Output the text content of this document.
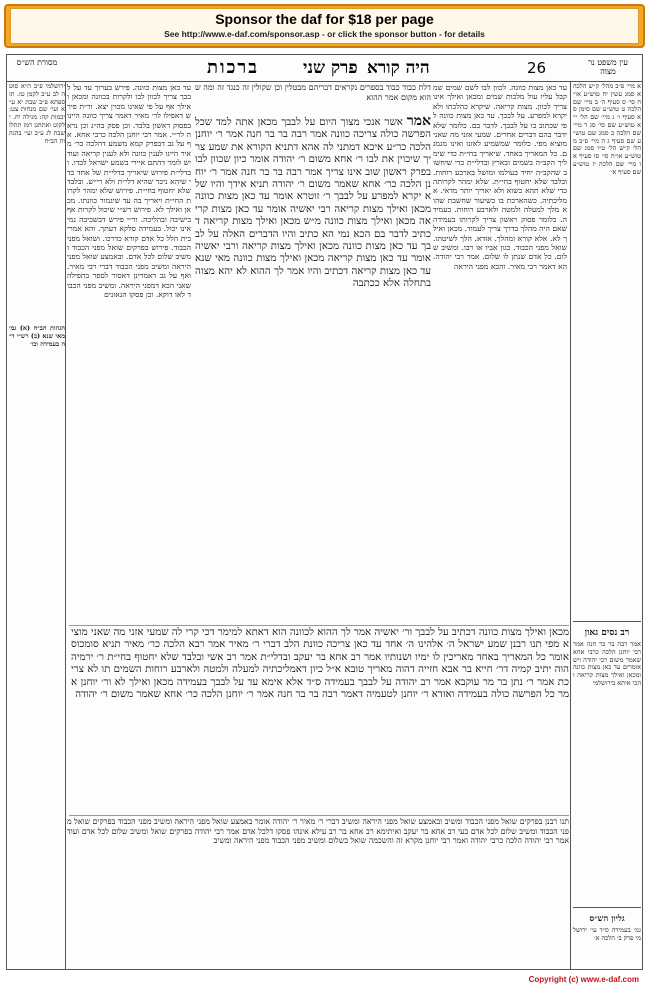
Sponsor the daf for $18 per page
See http://www.e-daf.com/sponsor.asp - or click the sponsor button - for details
מסורת הש״ס	ברכות	פרק שני היה קורא	26	עין משפט נר מצוה
א מיי׳ פ״ב מהל׳ ק״ש הלכה א סמג עשין יח טוש״ע או״ח סי׳ ס סעיף ה׳ ב מיי׳ שם הלכה ט טוש״ע שם סימן סא סעיף ו׳ ג מיי׳ שם הל׳ י״א טוש״ע שם סי׳ סג ד מיי׳ שם הלכה ב סמג שם טוש״ע שם סעיף ג ה מיי׳ פ״ב מהל׳ ק״ש הל׳ ט״ו סמג שם טוש״ע או״ח סי׳ סו סעיף א ו מיי׳ שם הלכה יז טוש״ע שם סעיף א׳
רב נסים גאון
אמר רבה בר בר חנה אמר רבי יוחנן הלכה כרבי אחא שאמר משום רבי יהודה ויש אומרים עד כאן מצות כוונה ומכאן ואילך מצות קריאה והכי איתא בירושלמי
גליון הש״ס
גמ׳ בעמידה ס״ד עי׳ ירושלמי פרק ב׳ הלכה א׳
ירושלמי פ״ב ה״א סוטה לב ע״ב לקמן טז. תוספתא פ״ב שבת יא ע״א ועי׳ שם מנחות צט: יבמות קה: מגילה יח. ילקוט ואתחנן רמז תתלו שבת לג ע״ב ועי׳ בהגהות הב״ח
הגהות הב״ח (א) גמ׳ מאי שנא (ב) רש״י ד״ה בעמידה וכו׳
עד כאן מצות כוונה. לכוון לבו לשם שמים שמקבל עליו עול מלכות שמים ומכאן ואילך אינו צריך לכוון. מצות קריאה. שיקרא כהלכתו ולא יקרא למפרע. על לבבך. עד כאן מצות כוונה לפי שכתוב בו על לבבך. לדבר בם. כלומר שלא ידבר בהם דברים אחרים. שמעי אזני מה שאני מוציא מפי. כלומר שמשמיע לאזנו ואינו מגמגם. כל המאריך באחד. שיאריך בחי״ת כדי שימליך הקב״ה בשמים ובארץ ובדלי״ת כדי שיחשוב שהקב״ה יחיד בעולמו ומושל בארבע רוחות. ובלבד שלא יחטוף בחי״ת. שלא ימהר לקרותה כדי שלא תהא כשוא ולא יאריך יותר מדאי. אמליכתיה. כשהארכת בו כשיעור שחשבת שהוא מלך למעלה ולמטה ולארבע רוחות. בעמידה. כלומר פסוק ראשון צריך לקרותו בעמידה שאם היה מהלך בדרך צריך לעמוד. מכאן ואילך לא. אלא קורא ומהלך. אזדא. הלך לשיטתו. שואל מפני הכבוד. כגון אביו או רבו. ומשיב שלום. כל אדם שנתן לו שלום. אמר רבי יהודה. הא דאמר רבי מאיר. והכא מפני היראה
עד כאן מצות כוונה. פירש בערוך עד על לבבך צריך לכוון לבו ולקרות בכוונה ומכאן ואילך אף על פי שאינו מכוין יצא. ור״ת פירש דאפילו לר׳ מאיר דאמר צריך כוונה היינו בפסוק ראשון בלבד. וכן פסק בה״ג וכן נראה לר״י. אמר רבי יוחנן הלכה כרבי אחא. אף על גב דבפרק קמא משמע דהלכה כר׳ מאיר היינו לענין כוונה ולא לענין קריאה ועוד יש לומר דהתם איירי בשמע ישראל לבדו. ובדלי״ת פירוש שיאריך בדלי״ת של אחד כדי שיהא ניכר שהיא דלי״ת ולא רי״ש. ובלבד שלא יחטוף בחי״ת. פירוש שלא ימהר לקרות החי״ת ויאריך בה עד שיגמור כוונתו. מכאן ואילך לא. פירוש רש״י שיכול לקרות אף בישיבה ובהליכה. ור״י פירש דבשכיבה נמי אינו יכול. בעמידה סלקא דעתך. והא אמרי בית הלל כל אדם קורא כדרכו. ושואל מפני הכבוד. פירוש בפרקים שואל מפני הכבוד ומשיב שלום לכל אדם. ובאמצע שואל מפני היראה ומשיב מפני הכבוד דברי רבי מאיר. ואף על גב דאמרינן דאסור לספר בתפילה שאני הכא דמפני היראה. ומשיב מפני הכבוד לאו דוקא. וכן פסקו הגאונים
דלת כבוד כבוד בספרים נקראים דבריהם מבטלין וכן שקולין זה כנגד זה ומה שהוא מקום אמר ההוא
אמר אשר אנכי מצוך היום על לבבך מכאן אתה למד שכל הפרשה כולה צריכה כוונה אמר רבה בר בר חנה אמר ר׳ יוחנן הלכה כר״ע איכא דמתני לה אהא דתניא הקורא את שמע צריך שיכוין את לבו ר׳ אחא משום ר׳ יהודה אומר כיון שכוון לבו בפרק ראשון שוב אינו צריך אמר רבה בר בר חנה אמר ר׳ יוחנן הלכה כר׳ אחא שאמר משום ר׳ יהודה תניא אידך והיו שלא יקרא למפרע על לבבך ר׳ זוטרא אומר עד כאן מצות כוונה מכאן ואילך מצות קריאה רבי יאשיה אומר עד כאן מצות קריאה מכאן ואילך מצות כוונה מ״ש מכאן ואילך מצות קריאה דכתיב לדבר בם הכא נמי הא כתיב והיו הדברים האלה על לבבך עד כאן מצות כוונה מכאן ואילך מצות קריאה ורבי יאשיה אומר עד כאן מצות קריאה מכאן ואילך מצות כוונה מאי שנא עד כאן מצות קריאה דכתיב והיו אמר לך ההוא לא יהא מצוה בתחלה אלא ככתבה
מכאן ואילך מצות כוונה דכתיב על לבבך ור׳ יאשיה אמר לך ההוא לכוונה הוא דאתא למימר דכי קרי לה שמעי אזני מה שאני מוציא מפי תנו רבנן שמע ישראל ה׳ אלהינו ה׳ אחד עד כאן צריכה כוונת הלב דברי ר׳ מאיר אמר רבא הלכה כר׳ מאיר תניא סומכוס אומר כל המאריך באחד מאריכין לו ימיו ושנותיו אמר רב אחא בר יעקב ובדלי״ת אמר רב אשי ובלבד שלא יחטוף בחי״ת ר׳ ירמיה הוה יתיב קמיה דר׳ חייא בר אבא חזייה דהוה מאריך טובא א״ל כיון דאמליכתיה למעלה ולמטה ולארבע רוחות השמים תו לא צריכת אמר ר׳ נתן בר מר עוקבא אמר רב יהודה על לבבך בעמידה ס״ד אלא אימא עד על לבבך בעמידה מכאן ואילך לא ור׳ יוחנן אמר כל הפרשה כולה בעמידה ואזדא ר׳ יוחנן לטעמיה דאמר רבה בר בר חנה אמר ר׳ יוחנן הלכה כר׳ אחא שאמר משום ר׳ יהודה
תנו רבנן בפרקים שואל מפני הכבוד ומשיב ובאמצע שואל מפני היראה ומשיב דברי ר׳ מאיר ר׳ יהודה אומר באמצע שואל מפני היראה ומשיב מפני הכבוד בפרקים שואל מפני הכבוד ומשיב שלום לכל אדם בעי רב אחא בר יעקב ואיתימא רב אחא בר רב עילא אינהו פסקו דלכל אדם אמר רבי יהודה בפרקים שואל ומשיב שלום לכל אדם ועוד אמר רבי יהודה הלכה כרבי יהודה ואמר רבי יוחנן מקרא זה והשכמה שואל בשלום ומשיב מפני הכבוד מפני היראה ומשיב
Copyright (c) www.e-daf.com
